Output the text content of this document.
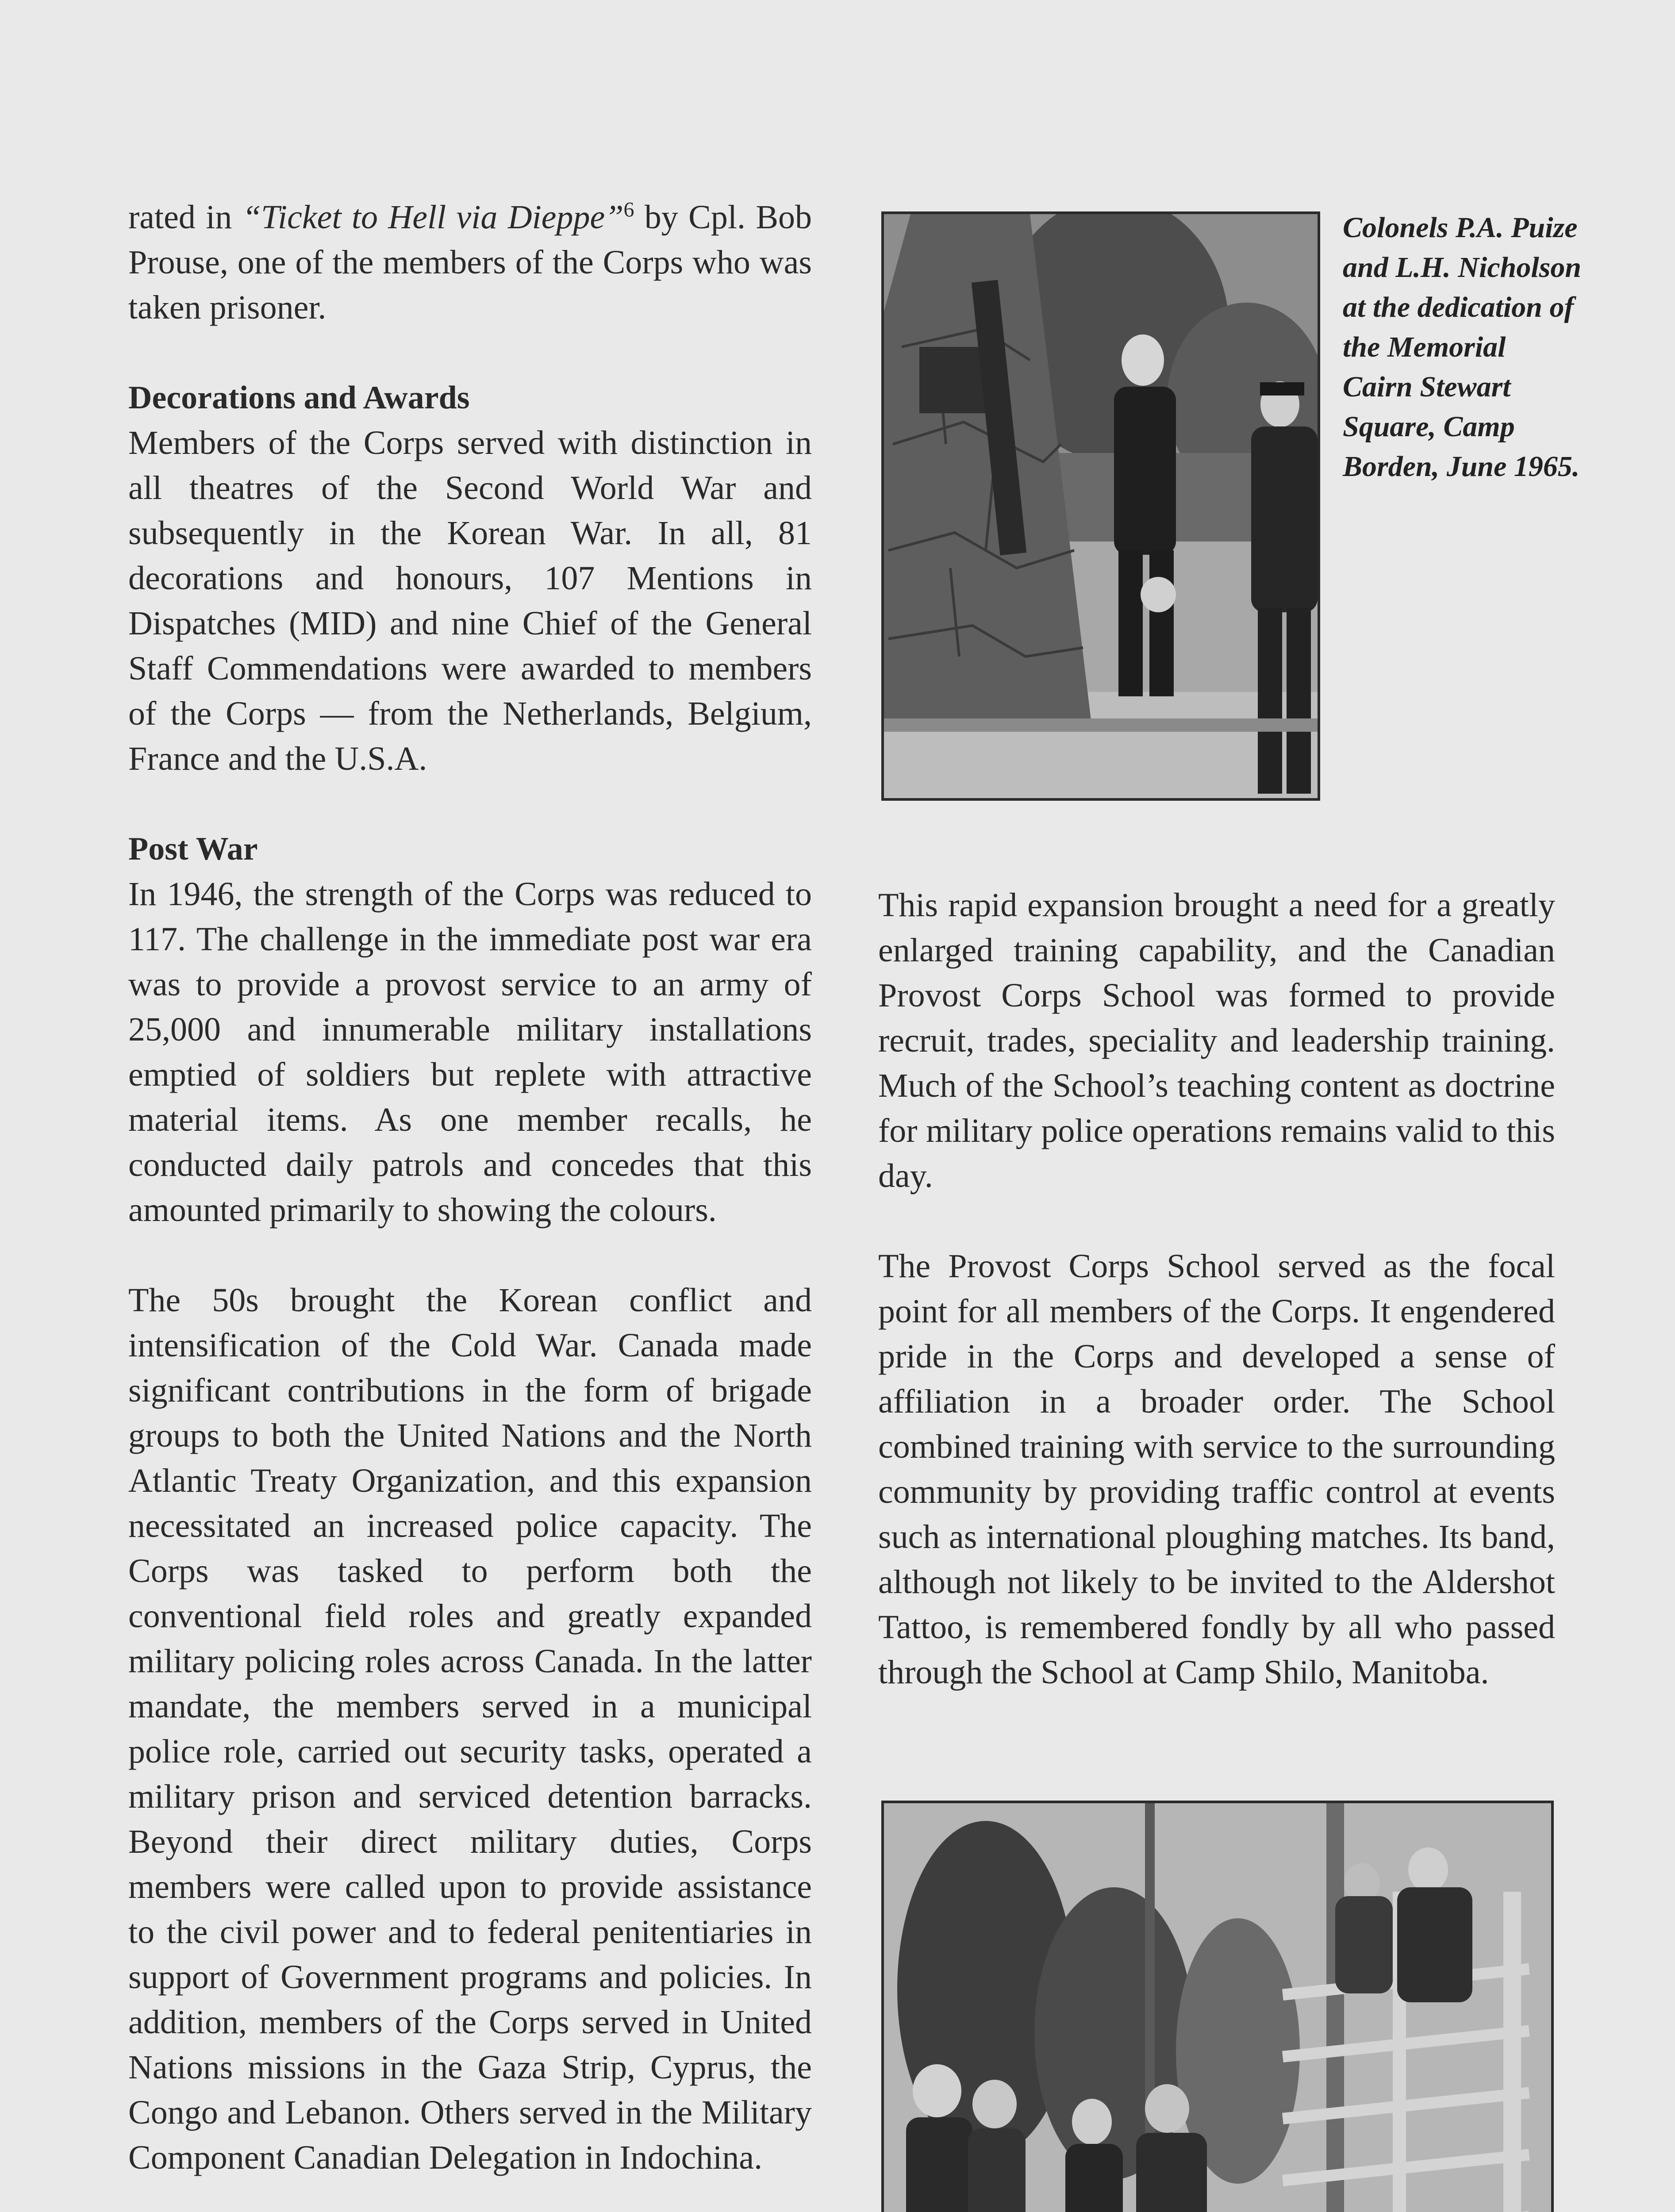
rated in “Ticket to Hell via Dieppe”$^6$ by Cpl. Bob Prouse, one of the members of the Corps who was taken prisoner.

Decorations and Awards

Members of the Corps served with distinction in all theatres of the Second World War and subsequently in the Korean War. In all, 81 decorations and honours, 107 Mentions in Dispatches (MID) and nine Chief of the General Staff Commendations were awarded to members of the Corps — from the Netherlands, Belgium, France and the U.S.A.

Post War

In 1946, the strength of the Corps was reduced to 117. The challenge in the immediate post war era was to provide a provost service to an army of 25,000 and innumerable military installations emptied of soldiers but replete with attractive material items. As one member recalls, he conducted daily patrols and concedes that this amounted primarily to showing the colours.

The 50s brought the Korean conflict and intensification of the Cold War. Canada made significant contributions in the form of brigade groups to both the United Nations and the North Atlantic Treaty Organization, and this expansion necessitated an increased police capacity. The Corps was tasked to perform both the conventional field roles and greatly expanded military policing roles across Canada. In the latter mandate, the members served in a municipal police role, carried out security tasks, operated a military prison and serviced detention barracks. Beyond their direct military duties, Corps members were called upon to provide assistance to the civil power and to federal penitentiaries in support of Government programs and policies. In addition, members of the Corps served in United Nations missions in the Gaza Strip, Cyprus, the Congo and Lebanon. Others served in the Military Component Canadian Delegation in Indochina.

Colonels P.A. Puize and L.H. Nicholson at the dedication of the Memorial Cairn Stewart Square, Camp Borden, June 1965.

This rapid expansion brought a need for a greatly enlarged training capability, and the Canadian Provost Corps School was formed to provide recruit, trades, speciality and leadership training. Much of the School’s teaching content as doctrine for military police operations remains valid to this day.

The Provost Corps School served as the focal point for all members of the Corps. It engendered pride in the Corps and developed a sense of affiliation in a broader order. The School combined training with service to the surrounding community by providing traffic control at events such as international ploughing matches. Its band, although not likely to be invited to the Aldershot Tattoo, is remembered fondly by all who passed through the School at Camp Shilo, Manitoba.
